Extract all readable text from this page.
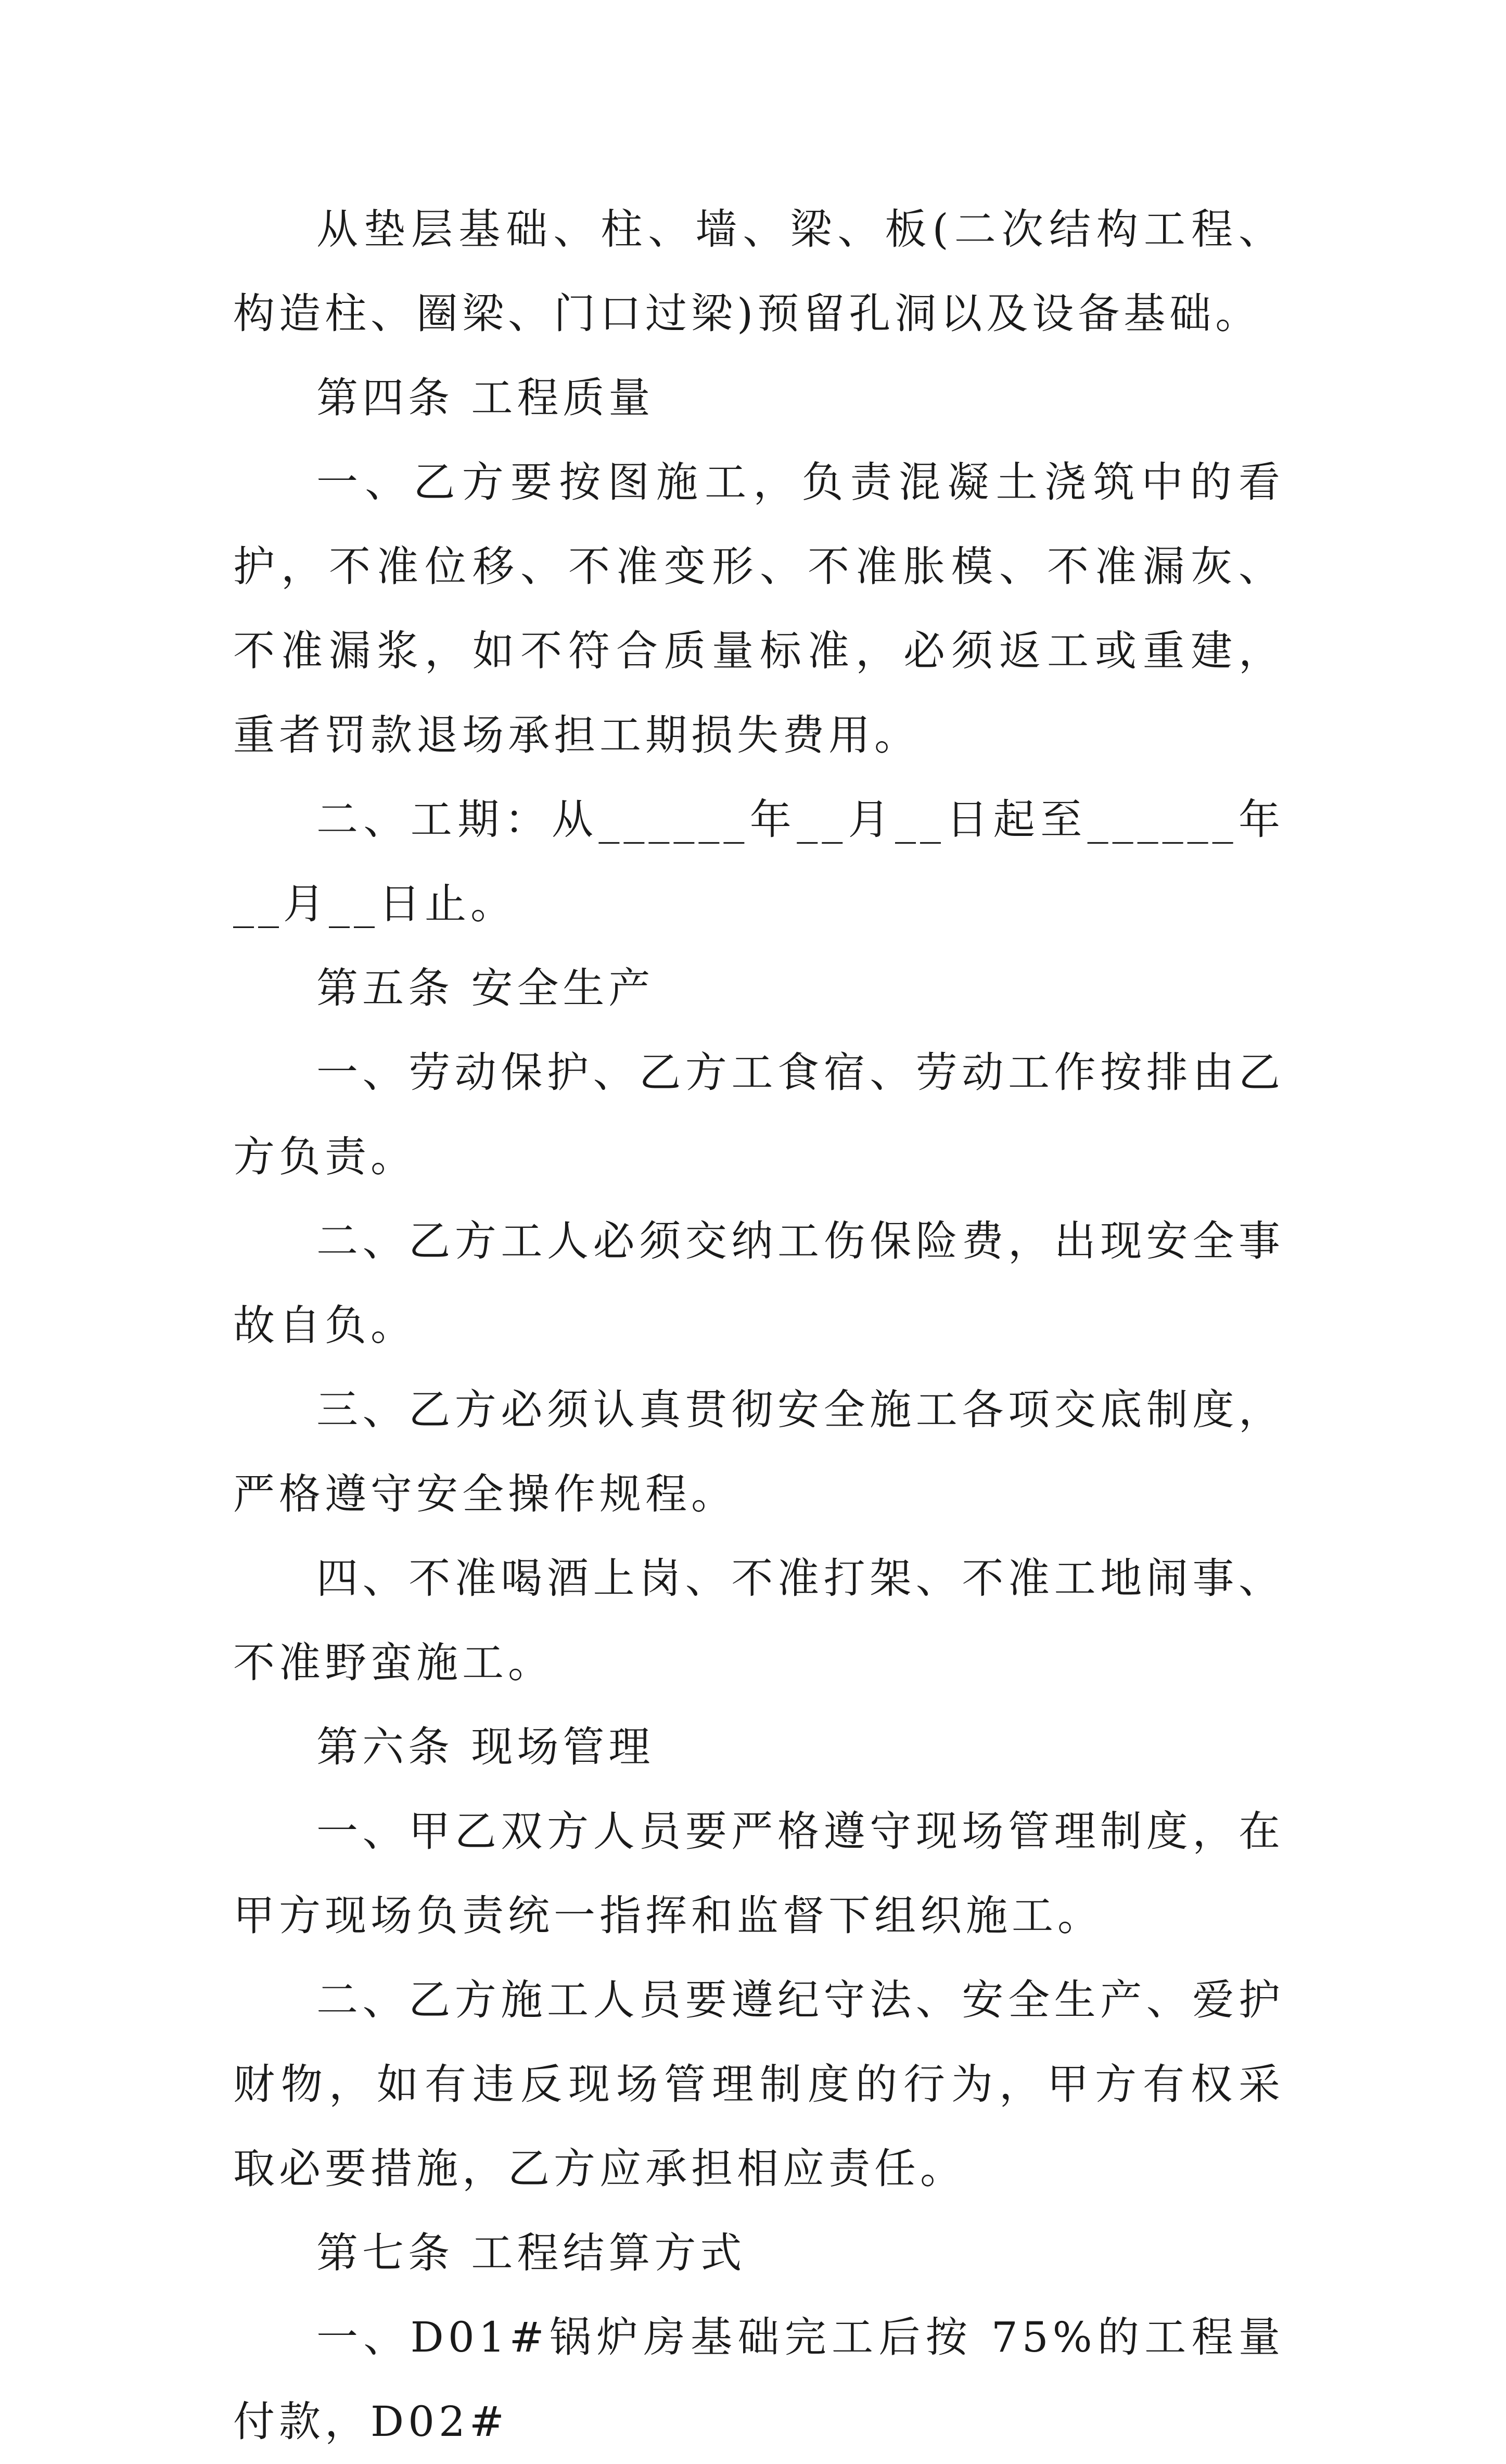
从垫层基础、柱、墙、梁、板(二次结构工程、构造柱、圈梁、门口过梁)预留孔洞以及设备基础。

第四条 工程质量

一、乙方要按图施工，负责混凝土浇筑中的看护，不准位移、不准变形、不准胀模、不准漏灰、不准漏浆，如不符合质量标准，必须返工或重建，重者罚款退场承担工期损失费用。

二、工期：从______年__月__日起至______年__月__日止。

第五条 安全生产

一、劳动保护、乙方工食宿、劳动工作按排由乙方负责。

二、乙方工人必须交纳工伤保险费，出现安全事故自负。

三、乙方必须认真贯彻安全施工各项交底制度，严格遵守安全操作规程。

四、不准喝酒上岗、不准打架、不准工地闹事、不准野蛮施工。

第六条 现场管理

一、甲乙双方人员要严格遵守现场管理制度，在甲方现场负责统一指挥和监督下组织施工。

二、乙方施工人员要遵纪守法、安全生产、爱护财物，如有违反现场管理制度的行为，甲方有权采取必要措施，乙方应承担相应责任。

第七条 工程结算方式

一、D01#锅炉房基础完工后按 75%的工程量付款，D02#
